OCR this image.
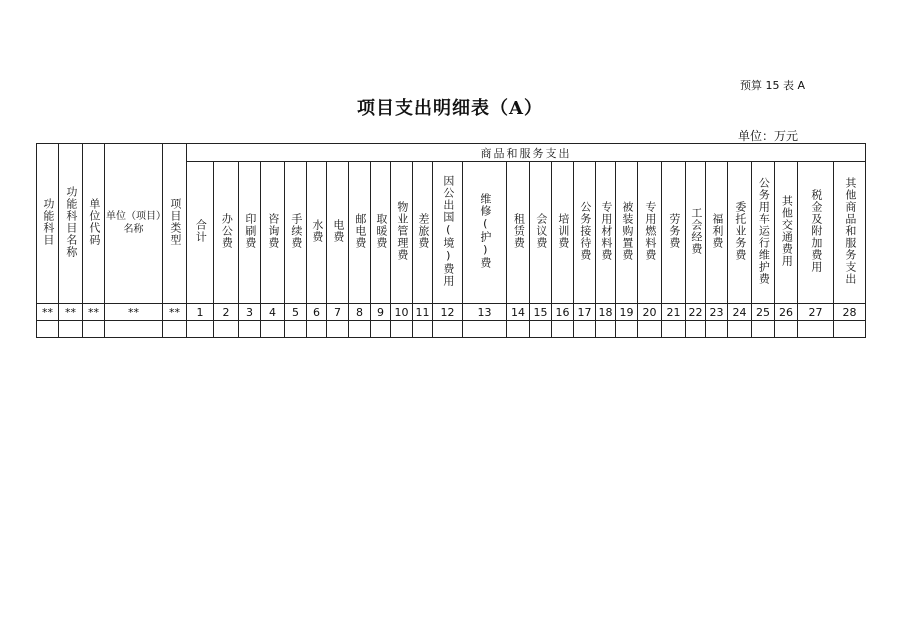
预算 15 表 A
项目支出明细表（A）
单位：万元
功能科目	功能科目名称	单位代码	单位（项目）名称	项目类型	商品和服务支出																											
					合计	办公费	印刷费	咨询费	手续费	水费	电费	邮电费	取暖费	物业管理费	差旅费	因公出国(境)费用	维修(护)费	租赁费	会议费	培训费	公务接待费	专用材料费	被装购置费	专用燃料费	劳务费	工会经费	福利费	委托业务费	公务用车运行维护费	其他交通费用	税金及附加费用	其他商品和服务支出
**	**	**	**	**	1	2	3	4	5	6	7	8	9	10	11	12	13	14	15	16	17	18	19	20	21	22	23	24	25	26	27	28
